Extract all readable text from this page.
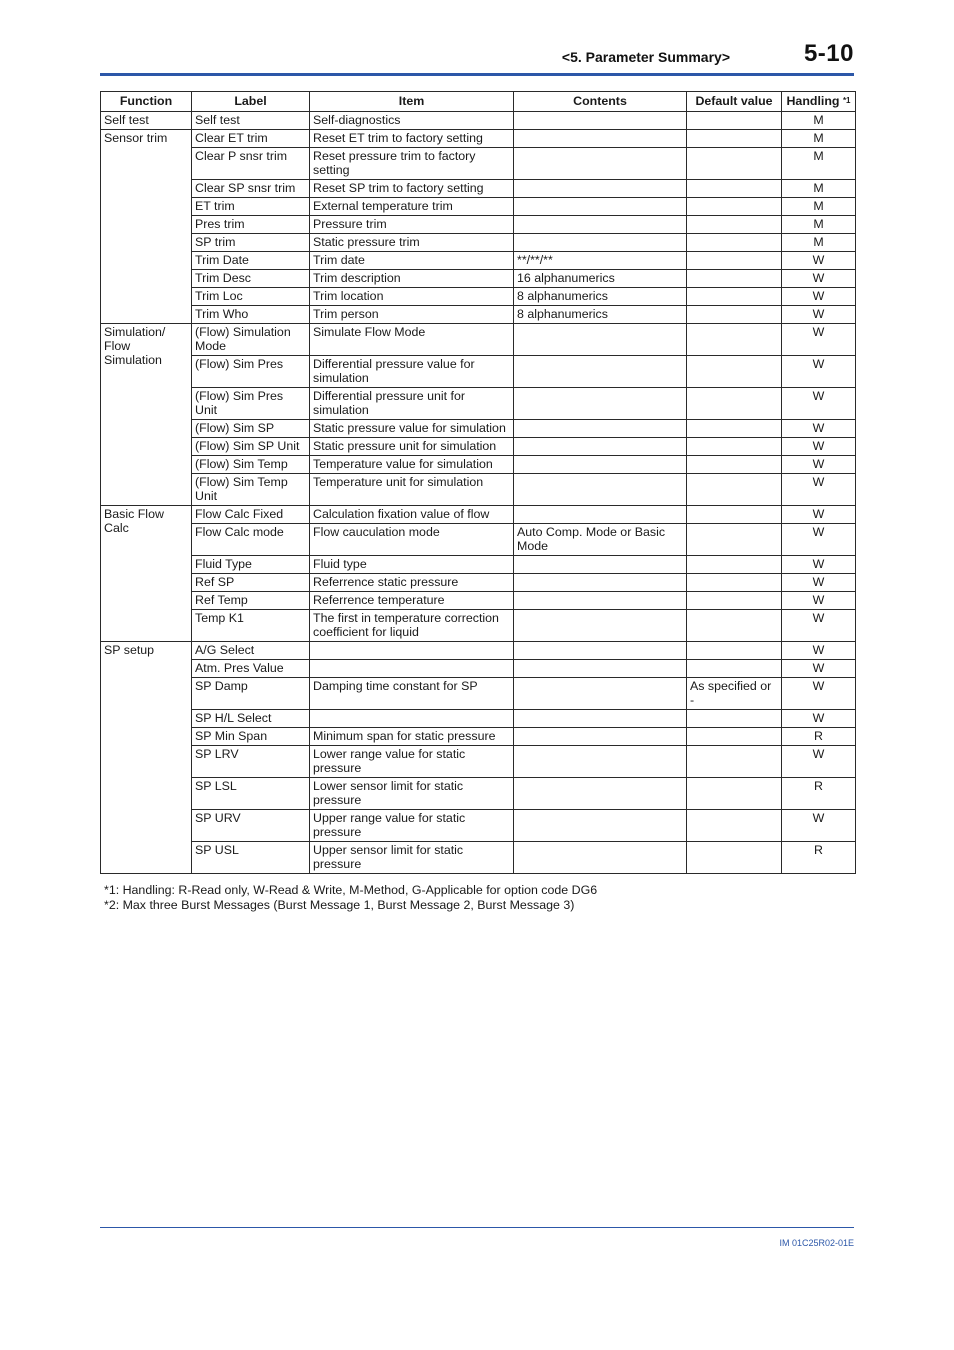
<5. Parameter Summary>	5-10
Function	Label	Item	Contents	Default value	Handling $^{*1}$
Self test	Self test	Self-diagnostics			M
Sensor trim	Clear ET trim	Reset ET trim to factory setting			M
	Clear P snsr trim	Reset pressure trim to factory setting			M
	Clear SP snsr trim	Reset SP trim to factory setting			M
	ET trim	External temperature trim			M
	Pres trim	Pressure trim			M
	SP trim	Static pressure trim			M
	Trim Date	Trim date	**/**/**		W
	Trim Desc	Trim description	16 alphanumerics		W
	Trim Loc	Trim location	8 alphanumerics		W
	Trim Who	Trim person	8 alphanumerics		W
Simulation/ Flow Simulation	(Flow) Simulation Mode	Simulate Flow Mode			W
	(Flow) Sim Pres	Differential pressure value for simulation			W
	(Flow) Sim Pres Unit	Differential pressure unit for simulation			W
	(Flow) Sim SP	Static pressure value for simulation			W
	(Flow) Sim SP Unit	Static pressure unit for simulation			W
	(Flow) Sim Temp	Temperature value for simulation			W
	(Flow) Sim Temp Unit	Temperature unit for simulation			W
Basic Flow Calc	Flow Calc Fixed	Calculation fixation value of flow			W
	Flow Calc mode	Flow cauculation mode	Auto Comp. Mode or Basic Mode		W
	Fluid Type	Fluid type			W
	Ref SP	Referrence static pressure			W
	Ref Temp	Referrence temperature			W
	Temp K1	The first in temperature correction coefficient for liquid			W
SP setup	A/G Select				W
	Atm. Pres Value				W
	SP Damp	Damping time constant for SP		As specified or -	W
	SP H/L Select				W
	SP Min Span	Minimum span for static pressure			R
	SP LRV	Lower range value for static pressure			W
	SP LSL	Lower sensor limit for static pressure			R
	SP URV	Upper range value for static pressure			W
	SP USL	Upper sensor limit for static pressure			R
*1: Handling: R-Read only, W-Read & Write, M-Method, G-Applicable for option code DG6
*2: Max three Burst Messages (Burst Message 1, Burst Message 2, Burst Message 3)
IM 01C25R02-01E
